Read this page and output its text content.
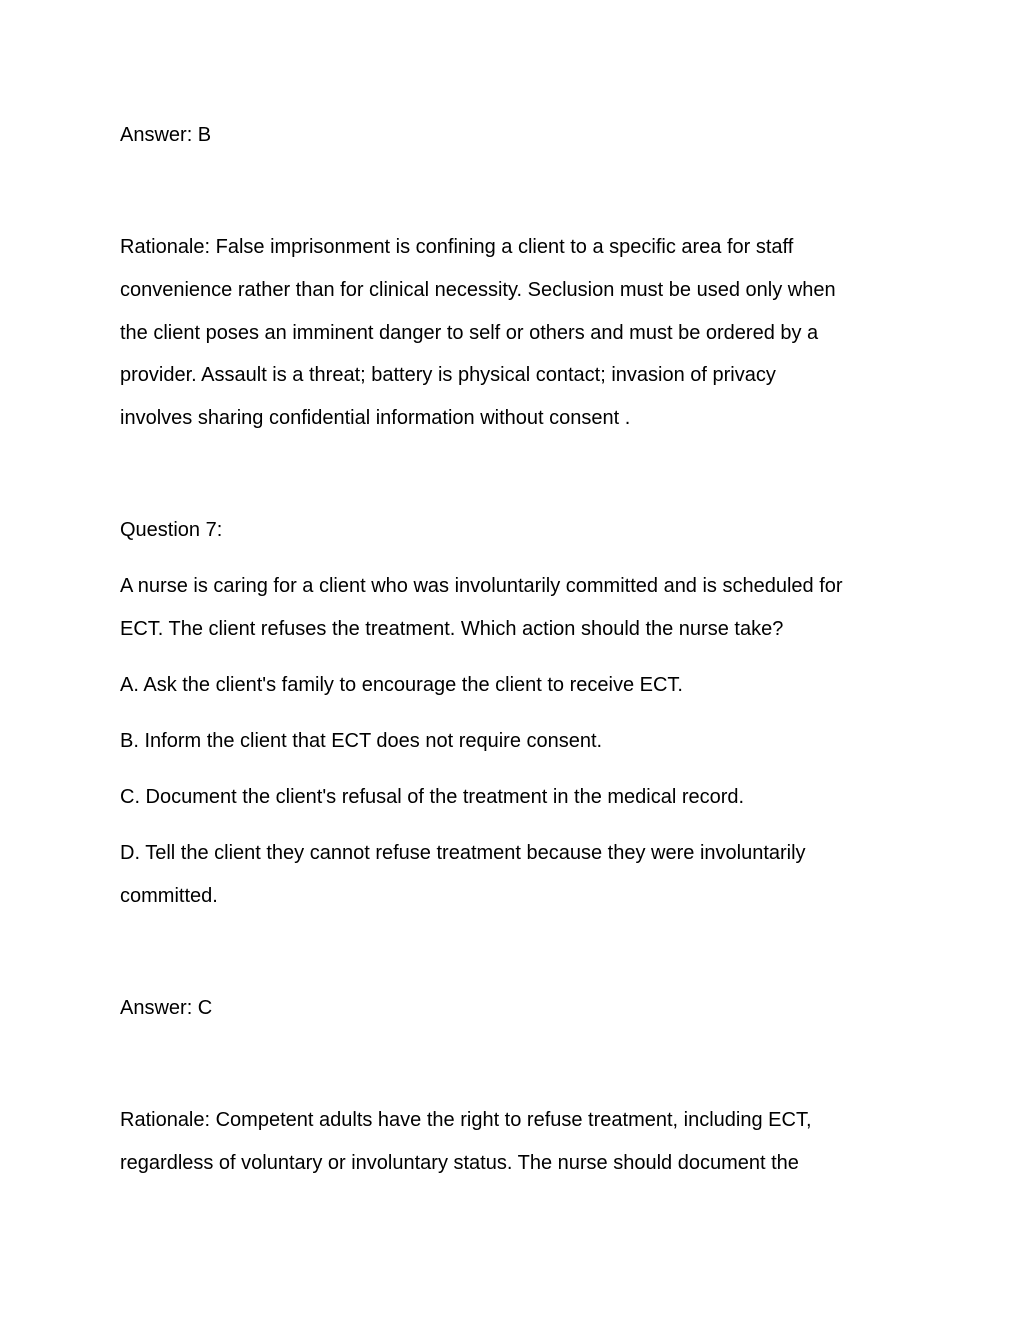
Answer: B
Rationale: False imprisonment is confining a client to a specific area for staff
convenience rather than for clinical necessity. Seclusion must be used only when
the client poses an imminent danger to self or others and must be ordered by a
provider. Assault is a threat; battery is physical contact; invasion of privacy
involves sharing confidential information without consent .
Question 7:
A nurse is caring for a client who was involuntarily committed and is scheduled for
ECT. The client refuses the treatment. Which action should the nurse take?
A. Ask the client's family to encourage the client to receive ECT.
B. Inform the client that ECT does not require consent.
C. Document the client's refusal of the treatment in the medical record.
D. Tell the client they cannot refuse treatment because they were involuntarily
committed.
Answer: C
Rationale: Competent adults have the right to refuse treatment, including ECT,
regardless of voluntary or involuntary status. The nurse should document the
